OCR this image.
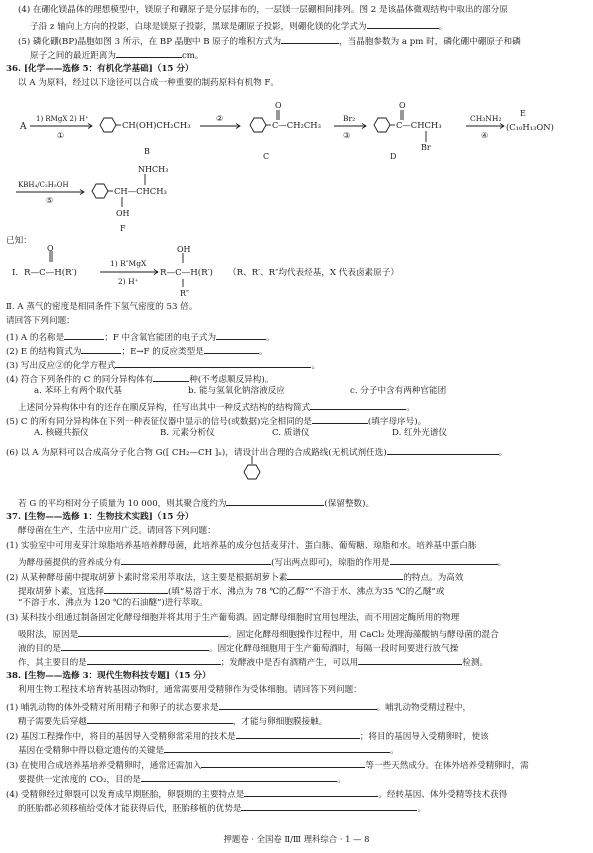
(4) 在硼化镁晶体的理想模型中，镁原子和硼原子是分层排布的，一层镁一层硼相间排列。图 2 是该晶体微观结构中取出的部分原
子沿 z 轴向上方向的投影，白球是镁原子投影，黑球是硼原子投影，则硼化镁的化学式为	。
(5) 磷化硼(BP)晶胞如图 3 所示，在 BP 晶胞中 B 原子的堆积方式为	，当晶胞参数为 a pm 时，磷化硼中硼原子和磷
原子之间的最近距离为	cm。
36. [化学——选修 5：有机化学基础]（15 分）
以 A 为原料，经过以下途径可以合成一种重要的制药原料有机物 F。
A
1) RMgX 2) H⁺
①
CH(OH)CH₂CH₃
②
O
C—CH₂CH₃
Br₂
③
O
C—CHCH₃
Br
CH₃NH₂
④
E
(C₁₀H₁₃ON)
B
C	D
KBH₄/C₂H₅OH
⑤
NHCH₃
CH—CHCH₃
OH
F
已知：
Ⅰ.
O
R—C—H(R′)
1) R″MgX
2) H⁺
OH
R—C—H(R′)
R″
（R、R′、R″均代表烃基，X 代表卤素原子）
Ⅱ. A 蒸气的密度是相同条件下氢气密度的 53 倍。
请回答下列问题：
(1) A 的名称是	；F 中含氧官能团的电子式为	。
(2) E 的结构简式为	；E→F 的反应类型是	。
(3) 写出反应②的化学方程式	。
(4) 符合下列条件的 C 的同分异构体有	种(不考虑顺反异构)。
a. 苯环上有两个取代基	b. 能与氢氧化钠溶液反应	c. 分子中含有两种官能团
上述同分异构体中有的还存在顺反异构，任写出其中一种反式结构的结构简式	。
(5) C 的所有同分异构体在下列一种表征仪器中显示的信号(或数据)完全相同的是	(填字母序号)。
A. 核磁共振仪	B. 元素分析仪	C. 质谱仪	D. 红外光谱仪
(6) 以 A 为原料可以合成高分子化合物 G([ CH₂—CH ]ₙ)，请设计出合理的合成路线(无机试剂任选)	。
若 G 的平均相对分子质量为 10 000，则其聚合度约为	(保留整数)。
37. [生物——选修 1：生物技术实践]（15 分）
酵母菌在生产、生活中应用广泛。请回答下列问题：
(1) 实验室中可用麦芽汁琼脂培养基培养酵母菌，此培养基的成分包括麦芽汁、蛋白胨、葡萄糖、琼脂和水。培养基中蛋白胨
为酵母菌提供的营养成分有	(写出两点即可)，琼脂的作用是	。
(2) 从某种酵母菌中提取胡萝卜素时常采用萃取法，这主要是根据胡萝卜素	的特点。为高效
提取胡萝卜素，宜选择	(填“易溶于水、沸点为 78 ℃的乙醇”“不溶于水、沸点为35 ℃的乙醚”或
“不溶于水、沸点为 120 ℃的石油醚”)进行萃取。
(3) 某科技小组通过制备固定化酵母细胞并将其用于生产葡萄酒。固定酵母细胞时宜用包埋法，而不用固定酶所用的物理
吸附法，原因是	。固定化酵母细胞操作过程中，用 CaCl₂ 处理海藻酸钠与酵母菌的混合
液的目的是	。固定化酵母细胞用于生产葡萄酒时，每隔一段时间要进行放气操
作，其主要目的是	；发酵液中是否有酒精产生，可以用	检测。
38. [生物——选修 3：现代生物科技专题]（15 分）
利用生物工程技术培育转基因动物时，通常需要用受精卵作为受体细胞。请回答下列问题：
(1) 哺乳动物的体外受精对所用精子和卵子的状态要求是	。哺乳动物受精过程中，
精子需要先后穿越	，才能与卵细胞膜接触。
(2) 基因工程操作中，将目的基因导入受精卵常采用的技术是	；将目的基因导入受精卵时，使该
基因在受精卵中得以稳定遗传的关键是	。
(3) 在使用合成培养基培养受精卵时，通常还需加入	等一些天然成分。在体外培养受精卵时，需
要提供一定浓度的 CO₂，目的是	。
(4) 受精卵经过卵裂可以发育成早期胚胎，卵裂期的主要特点是	。经转基因、体外受精等技术获得
的胚胎都必须移植给受体才能获得后代，胚胎移植的优势是	。
押题卷 · 全国卷 Ⅱ/Ⅲ 理科综合 · 1 — 8
